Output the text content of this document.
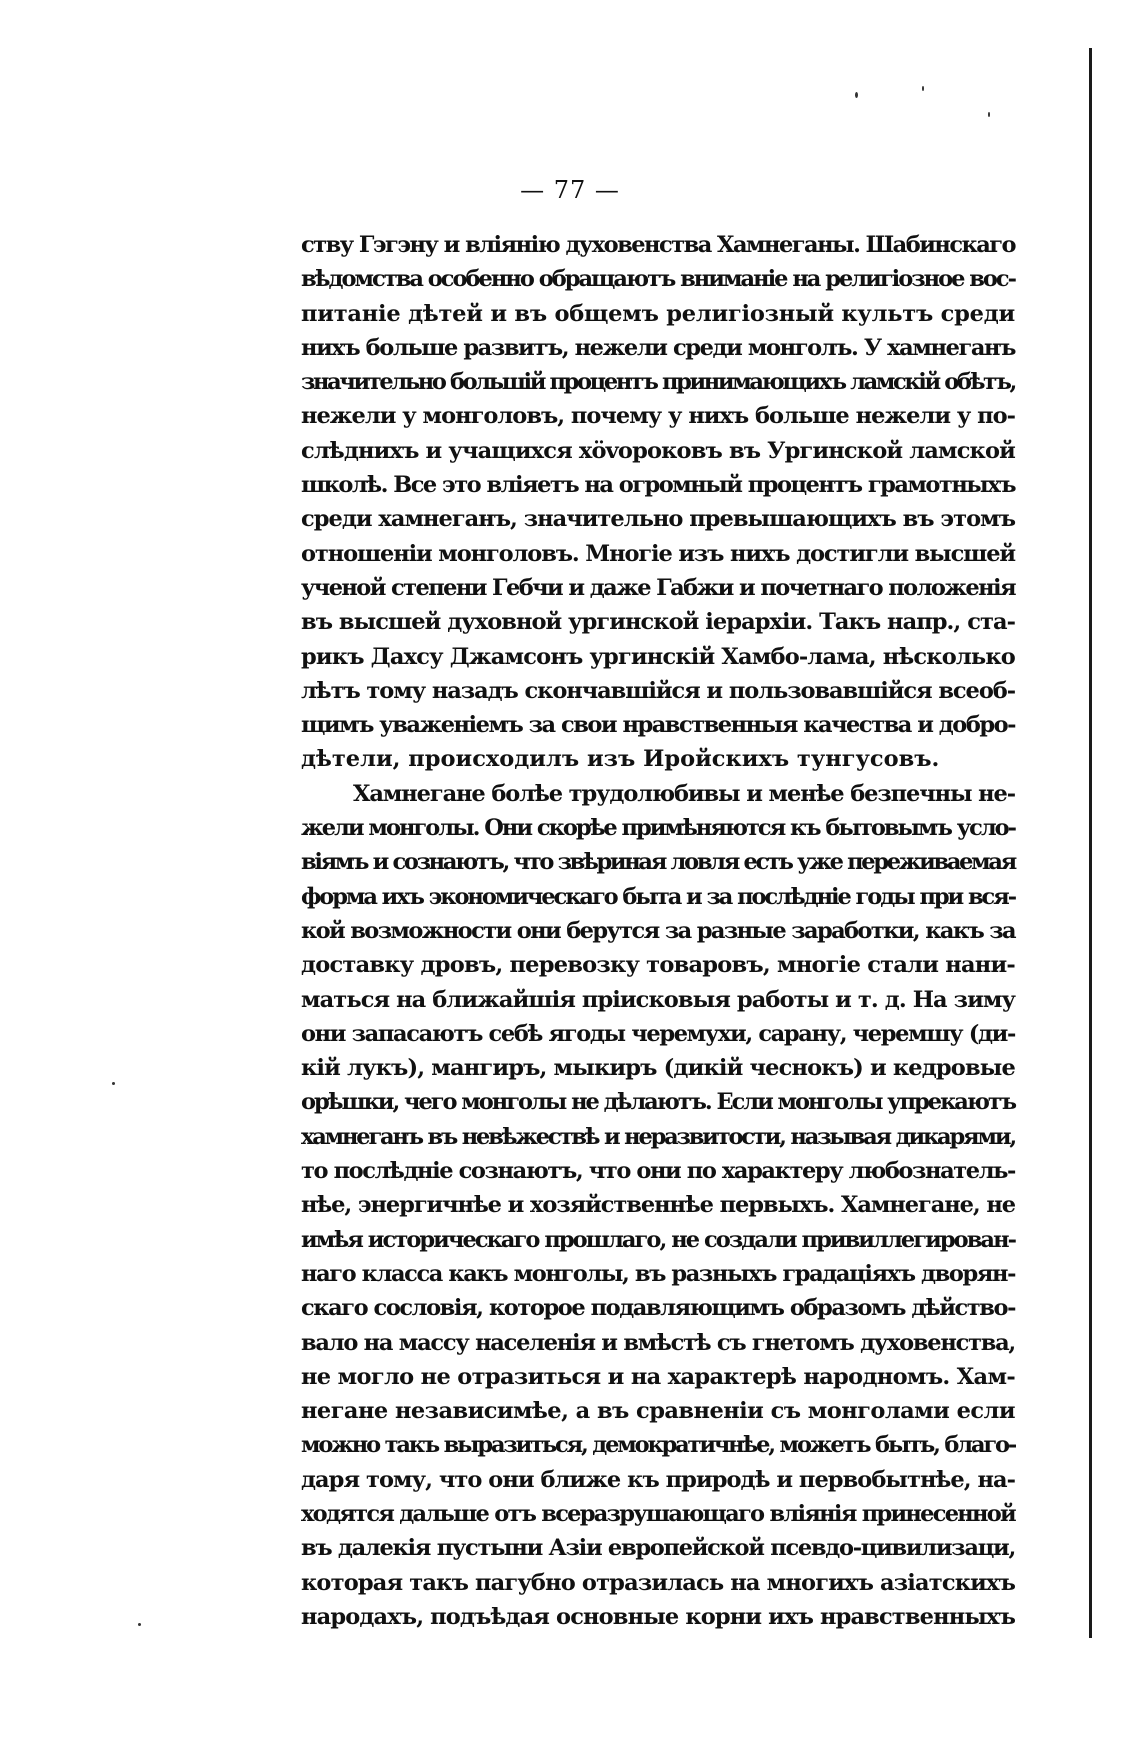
— 77 —
ству Гэгэну и вліянію духовенства Хамнеганы. Шабинскаго
вѣдомства особенно обращаютъ вниманіе на религіозное вос-
питаніе дѣтей и въ общемъ религіозный культъ среди
нихъ больше развитъ, нежели среди монголъ. У хамнеганъ
значительно большій процентъ принимающихъ ламскій обѣтъ,
нежели у монголовъ, почему у нихъ больше нежели у по-
слѣднихъ и учащихся хövороковъ въ Ургинской ламской
школѣ. Все это вліяетъ на огромный процентъ грамотныхъ
среди хамнеганъ, значительно превышающихъ въ этомъ
отношеніи монголовъ. Многіе изъ нихъ достигли высшей
ученой степени Гебчи и даже Габжи и почетнаго положенія
въ высшей духовной ургинской іерархіи. Такъ напр., ста-
рикъ Дахсу Джамсонъ ургинскій Хамбо-лама, нѣсколько
лѣтъ тому назадъ скончавшійся и пользовавшійся всеоб-
щимъ уваженіемъ за свои нравственныя качества и добро-
дѣтели, происходилъ изъ Иройскихъ тунгусовъ.
Хамнегане болѣе трудолюбивы и менѣе безпечны не-
жели монголы. Они скорѣе примѣняются къ бытовымъ усло-
віямъ и сознаютъ, что звѣриная ловля есть уже переживаемая
форма ихъ экономическаго быта и за послѣдніе годы при вся-
кой возможности они берутся за разные заработки, какъ за
доставку дровъ, перевозку товаровъ, многіе стали нани-
маться на ближайшія пріисковыя работы и т. д. На зиму
они запасаютъ себѣ ягоды черемухи, сарану, черемшу (ди-
кій лукъ), мангиръ, мыкиръ (дикій чеснокъ) и кедровые
орѣшки, чего монголы не дѣлаютъ. Если монголы упрекаютъ
хамнеганъ въ невѣжествѣ и неразвитости, называя дикарями,
то послѣдніе сознаютъ, что они по характеру любознатель-
нѣе, энергичнѣе и хозяйственнѣе первыхъ. Хамнегане, не
имѣя историческаго прошлаго, не создали привиллегирован-
наго класса какъ монголы, въ разныхъ градаціяхъ дворян-
скаго сословія, которое подавляющимъ образомъ дѣйство-
вало на массу населенія и вмѣстѣ съ гнетомъ духовенства,
не могло не отразиться и на характерѣ народномъ. Хам-
негане независимѣе, а въ сравненіи съ монголами если
можно такъ выразиться, демократичнѣе, можетъ быть, благо-
даря тому, что они ближе къ природѣ и первобытнѣе, на-
ходятся дальше отъ всеразрушающаго вліянія принесенной
въ далекія пустыни Азіи европейской псевдо-цивилизаци,
которая такъ пагубно отразилась на многихъ азіатскихъ
народахъ, подъѣдая основные корни ихъ нравственныхъ
